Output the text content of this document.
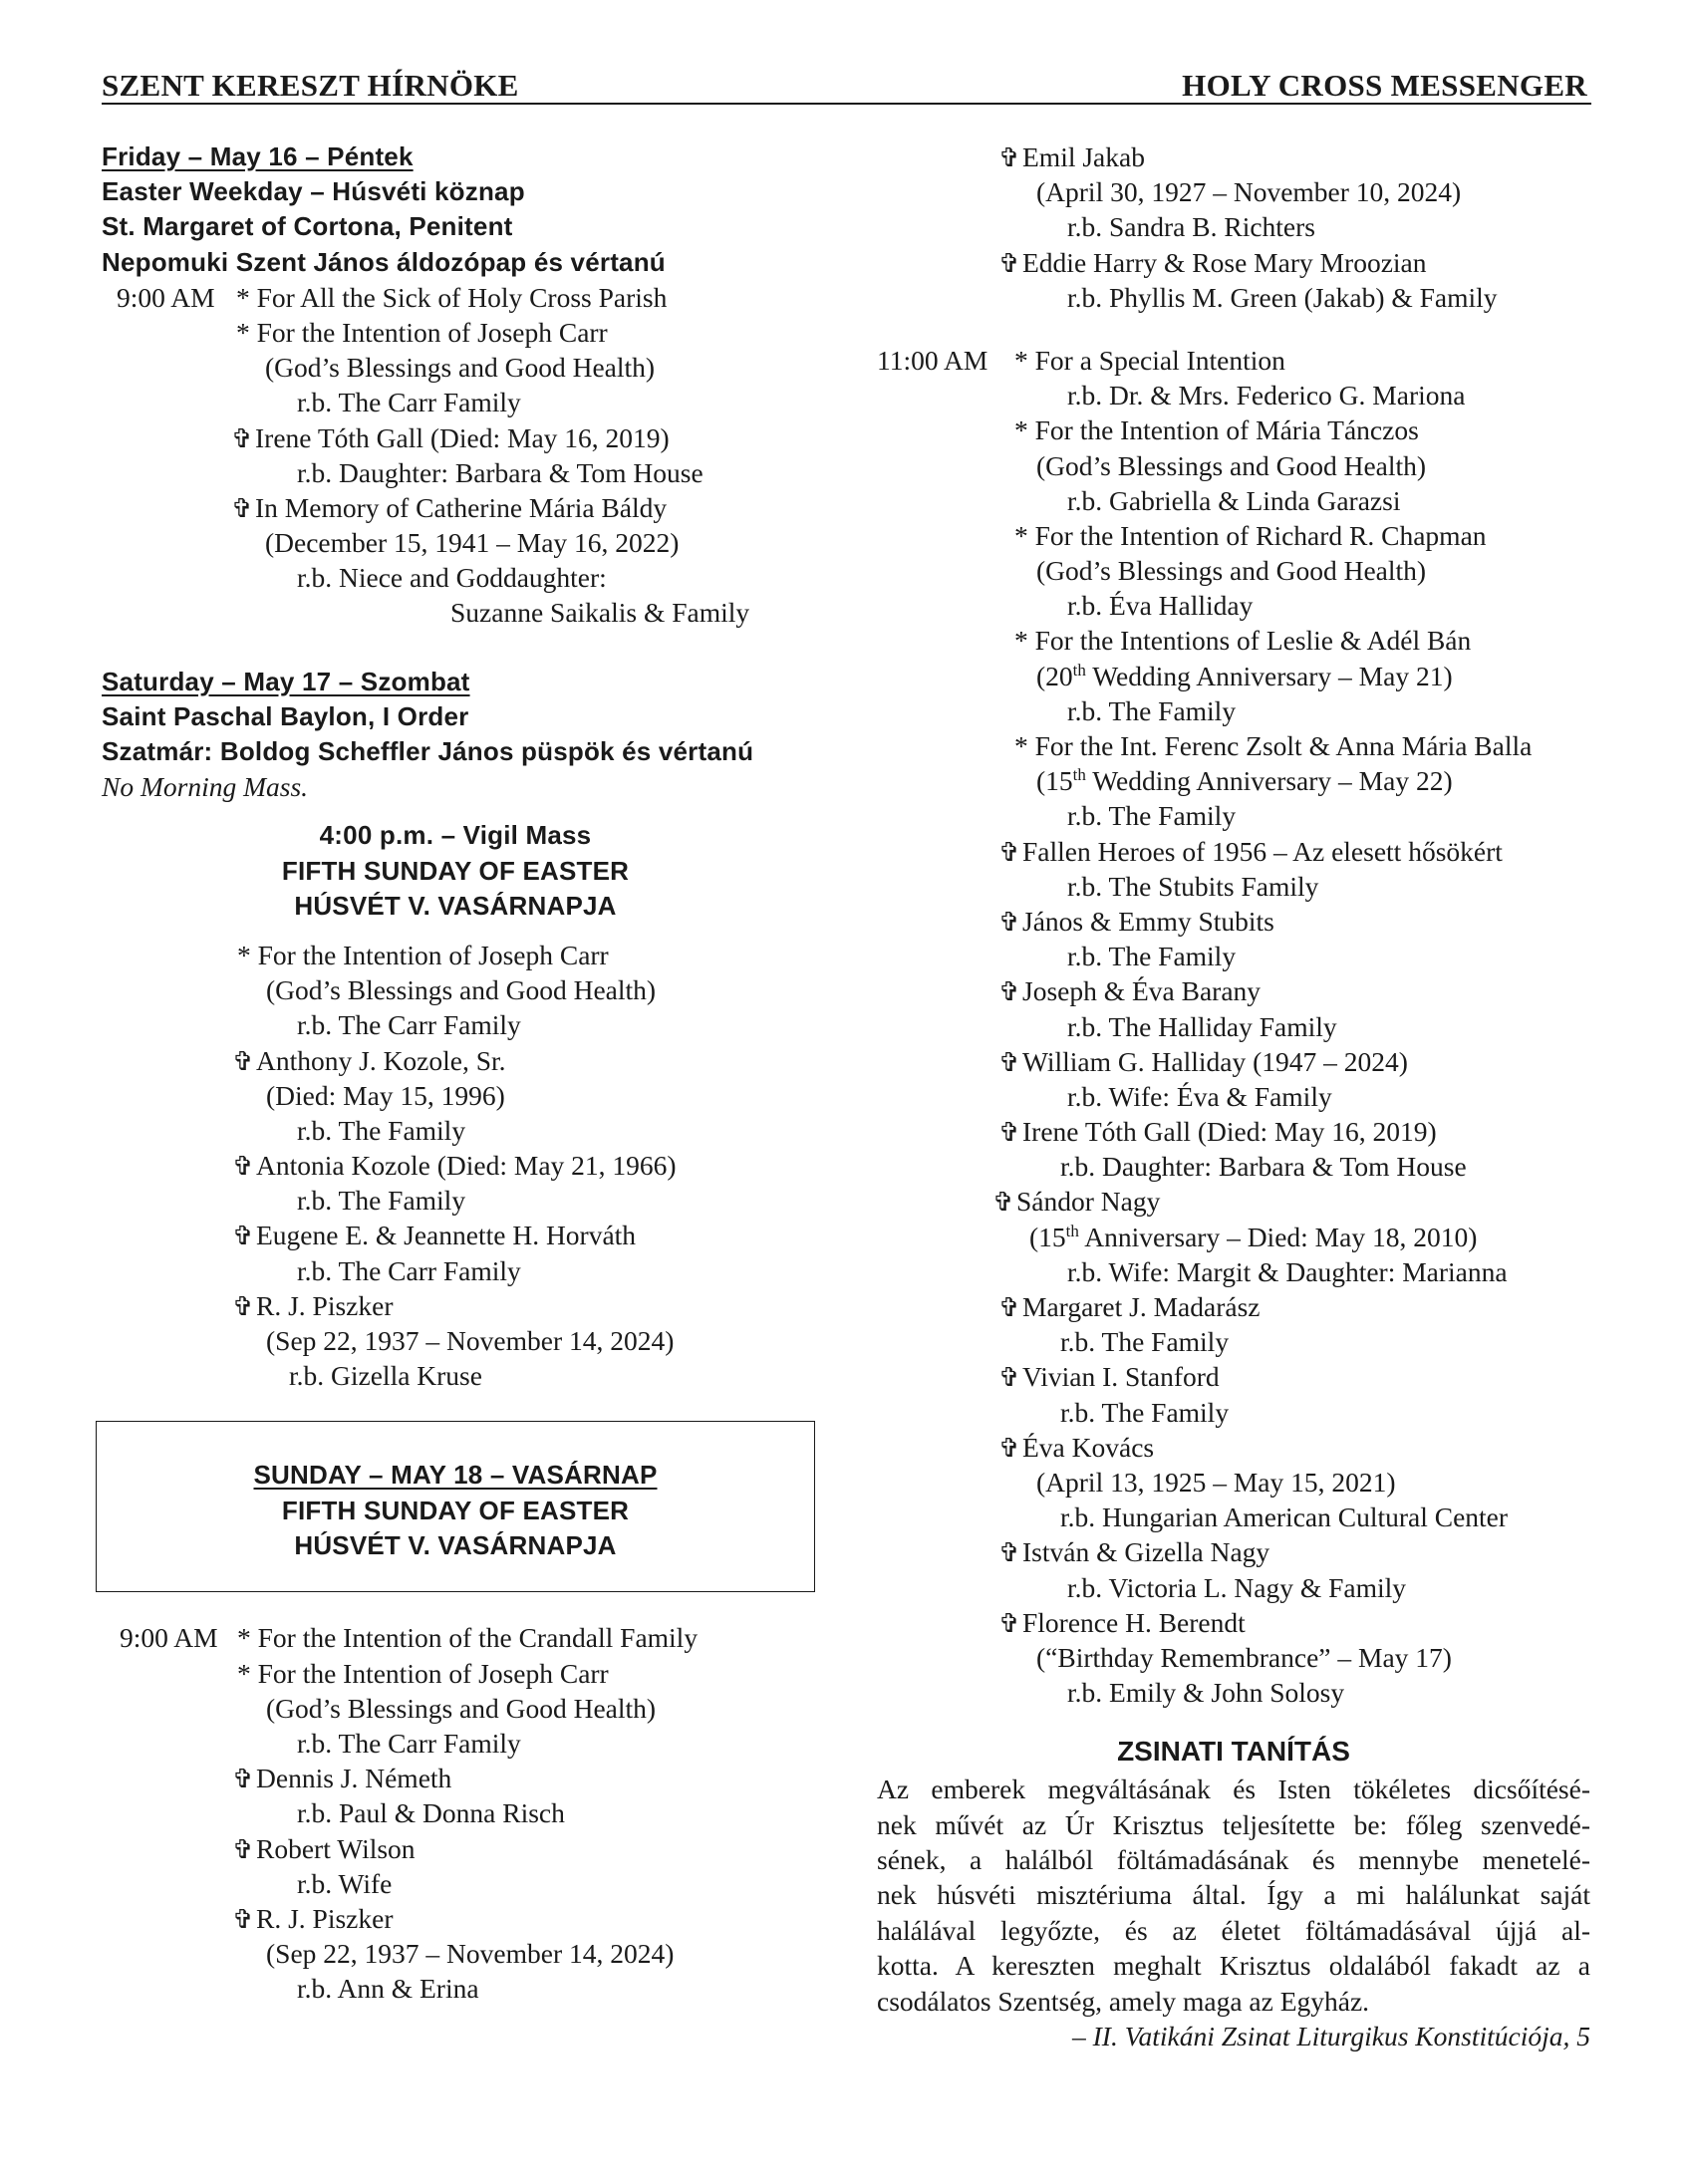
SZENT KERESZT HÍRNÖKE	HOLY CROSS MESSENGER
Friday – May 16 – Péntek
Easter Weekday – Húsvéti köznap
St. Margaret of Cortona, Penitent
Nepomuki Szent János áldozópap és vértanú
9:00 AM * For All the Sick of Holy Cross Parish
* For the Intention of Joseph Carr
(God’s Blessings and Good Health)
r.b. The Carr Family
✞Irene Tóth Gall (Died: May 16, 2019)
r.b. Daughter: Barbara & Tom House
✞In Memory of Catherine Mária Báldy
(December 15, 1941 – May 16, 2022)
r.b. Niece and Goddaughter:
Suzanne Saikalis & Family
Saturday – May 17 – Szombat
Saint Paschal Baylon, I Order
Szatmár: Boldog Scheffler János püspök és vértanú
No Morning Mass.
4:00 p.m. – Vigil Mass
FIFTH SUNDAY OF EASTER
HÚSVÉT V. VASÁRNAPJA
* For the Intention of Joseph Carr
(God’s Blessings and Good Health)
r.b. The Carr Family
✞Anthony J. Kozole, Sr.
(Died: May 15, 1996)
r.b. The Family
✞Antonia Kozole (Died: May 21, 1966)
r.b. The Family
✞Eugene E. & Jeannette H. Horváth
r.b. The Carr Family
✞R. J. Piszker
(Sep 22, 1937 – November 14, 2024)
r.b. Gizella Kruse
SUNDAY – MAY 18 – VASÁRNAP
FIFTH SUNDAY OF EASTER
HÚSVÉT V. VASÁRNAPJA
9:00 AM * For the Intention of the Crandall Family
* For the Intention of Joseph Carr
(God’s Blessings and Good Health)
r.b. The Carr Family
✞Dennis J. Németh
r.b. Paul & Donna Risch
✞Robert Wilson
r.b. Wife
✞R. J. Piszker
(Sep 22, 1937 – November 14, 2024)
r.b. Ann & Erina
✞Emil Jakab
(April 30, 1927 – November 10, 2024)
r.b. Sandra B. Richters
✞Eddie Harry & Rose Mary Mroozian
r.b. Phyllis M. Green (Jakab) & Family
11:00 AM * For a Special Intention
r.b. Dr. & Mrs. Federico G. Mariona
* For the Intention of Mária Tánczos
(God’s Blessings and Good Health)
r.b. Gabriella & Linda Garazsi
* For the Intention of Richard R. Chapman
(God’s Blessings and Good Health)
r.b. Éva Halliday
* For the Intentions of Leslie & Adél Bán
(20th Wedding Anniversary – May 21)
r.b. The Family
* For the Int. Ferenc Zsolt & Anna Mária Balla
(15th Wedding Anniversary – May 22)
r.b. The Family
✞Fallen Heroes of 1956 – Az elesett hősökért
r.b. The Stubits Family
✞János & Emmy Stubits
r.b. The Family
✞Joseph & Éva Barany
r.b. The Halliday Family
✞William G. Halliday (1947 – 2024)
r.b. Wife: Éva & Family
✞Irene Tóth Gall (Died: May 16, 2019)
r.b. Daughter: Barbara & Tom House
✞Sándor Nagy
(15th Anniversary – Died: May 18, 2010)
r.b. Wife: Margit & Daughter: Marianna
✞Margaret J. Madarász
r.b. The Family
✞Vivian I. Stanford
r.b. The Family
✞Éva Kovács
(April 13, 1925 – May 15, 2021)
r.b. Hungarian American Cultural Center
✞István & Gizella Nagy
r.b. Victoria L. Nagy & Family
✞Florence H. Berendt
(“Birthday Remembrance” – May 17)
r.b. Emily & John Solosy
ZSINATI TANÍTÁS
Az emberek megváltásának és Isten tökéletes dicsőítésé-
nek művét az Úr Krisztus teljesítette be: főleg szenvedé-
sének, a halálból föltámadásának és mennybe menetelé-
nek húsvéti misztériuma által. Így a mi halálunkat saját
halálával legyőzte, és az életet föltámadásával újjá al-
kotta. A kereszten meghalt Krisztus oldalából fakadt az a
csodálatos Szentség, amely maga az Egyház.
– II. Vatikáni Zsinat Liturgikus Konstitúciója, 5
